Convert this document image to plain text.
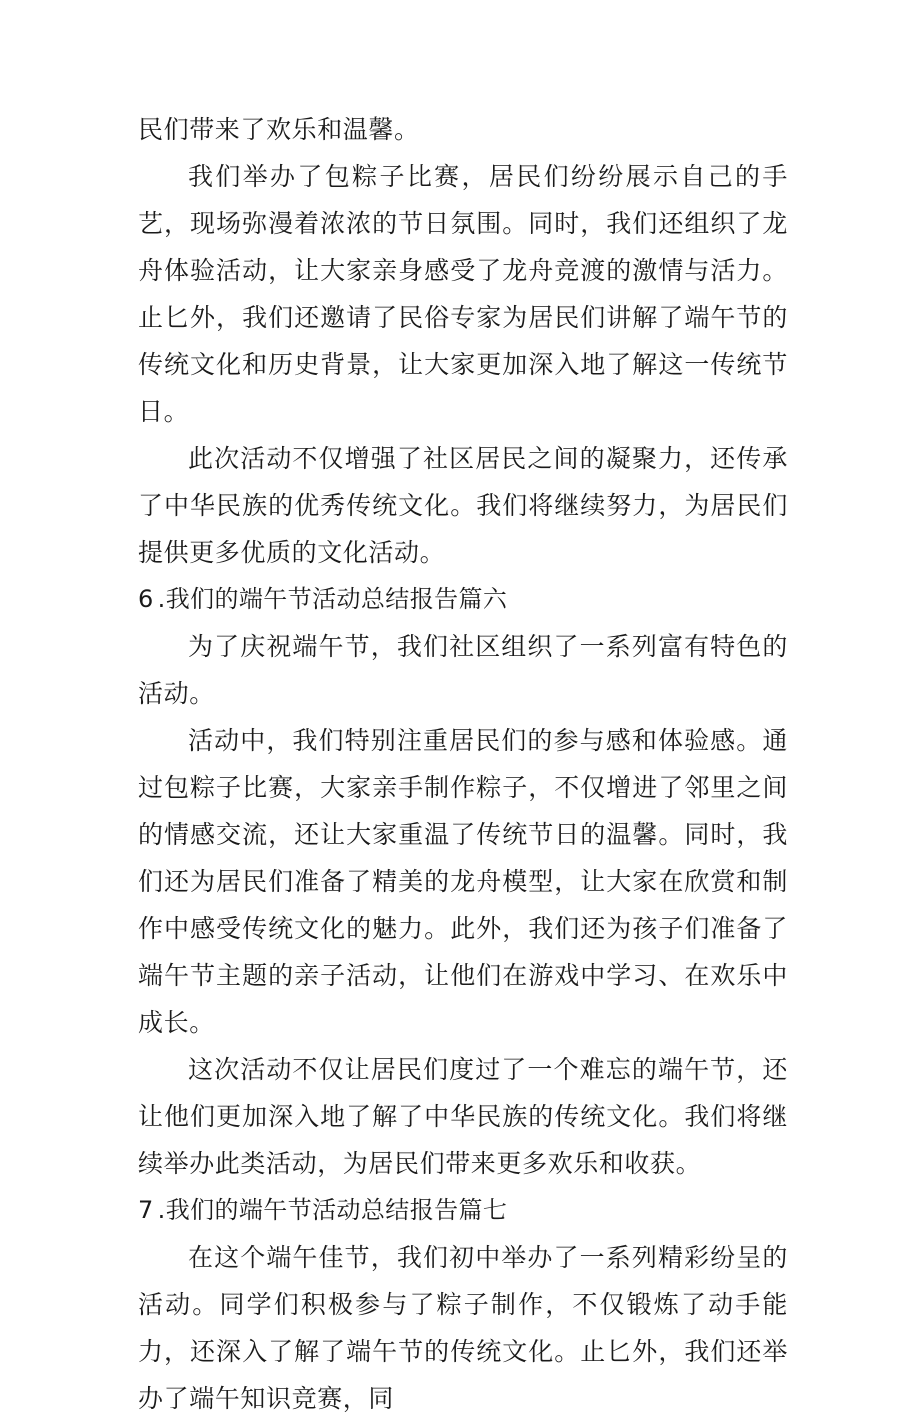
民们带来了欢乐和温馨。

我们举办了包粽子比赛，居民们纷纷展示自己的手艺，现场弥漫着浓浓的节日氛围。同时，我们还组织了龙舟体验活动，让大家亲身感受了龙舟竞渡的激情与活力。止匕外，我们还邀请了民俗专家为居民们讲解了端午节的传统文化和历史背景，让大家更加深入地了解这一传统节日。

此次活动不仅增强了社区居民之间的凝聚力，还传承了中华民族的优秀传统文化。我们将继续努力，为居民们提供更多优质的文化活动。

6 .我们的端午节活动总结报告篇六

为了庆祝端午节，我们社区组织了一系列富有特色的活动。

活动中，我们特别注重居民们的参与感和体验感。通过包粽子比赛，大家亲手制作粽子，不仅增进了邻里之间的情感交流，还让大家重温了传统节日的温馨。同时，我们还为居民们准备了精美的龙舟模型，让大家在欣赏和制作中感受传统文化的魅力。此外，我们还为孩子们准备了端午节主题的亲子活动，让他们在游戏中学习、在欢乐中成长。

这次活动不仅让居民们度过了一个难忘的端午节，还让他们更加深入地了解了中华民族的传统文化。我们将继续举办此类活动，为居民们带来更多欢乐和收获。

7 .我们的端午节活动总结报告篇七

在这个端午佳节，我们初中举办了一系列精彩纷呈的活动。同学们积极参与了粽子制作，不仅锻炼了动手能力，还深入了解了端午节的传统文化。止匕外，我们还举办了端午知识竞赛，同
